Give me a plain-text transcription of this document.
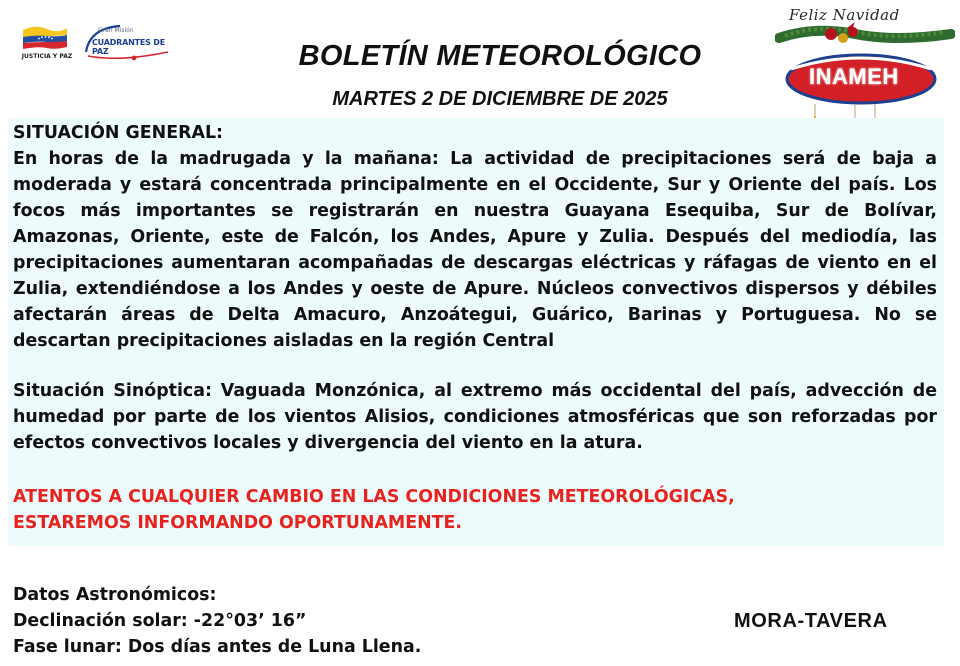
JUSTICIA Y PAZ
Gran Misión
CUADRANTES DE PAZ	BOLETÍN METEOROLÓGICO
MARTES 2 DE DICIEMBRE DE 2025
Feliz Navidad
INAMEH

SITUACIÓN GENERAL:

En horas de la madrugada y la mañana: La actividad de precipitaciones será de baja a moderada y estará concentrada principalmente en el Occidente, Sur y Oriente del país. Los focos más importantes se registrarán en nuestra Guayana Esequiba, Sur de Bolívar, Amazonas, Oriente, este de Falcón, los Andes, Apure y Zulia. Después del mediodía, las precipitaciones aumentaran acompañadas de descargas eléctricas y ráfagas de viento en el Zulia, extendiéndose a los Andes y oeste de Apure. Núcleos convectivos dispersos y débiles afectarán áreas de Delta Amacuro, Anzoátegui, Guárico, Barinas y Portuguesa. No se descartan precipitaciones aisladas en la región Central

Situación Sinóptica: Vaguada Monzónica, al extremo más occidental del país, advección de humedad por parte de los vientos Alisios, condiciones atmosféricas que son reforzadas por efectos convectivos locales y divergencia del viento en la atura.

ATENTOS A CUALQUIER CAMBIO EN LAS CONDICIONES METEOROLÓGICAS,
ESTAREMOS INFORMANDO OPORTUNAMENTE.
Datos Astronómicos:
Declinación solar: -22°03’ 16”
Fase lunar: Dos días antes de Luna Llena.
MORA-TAVERA
